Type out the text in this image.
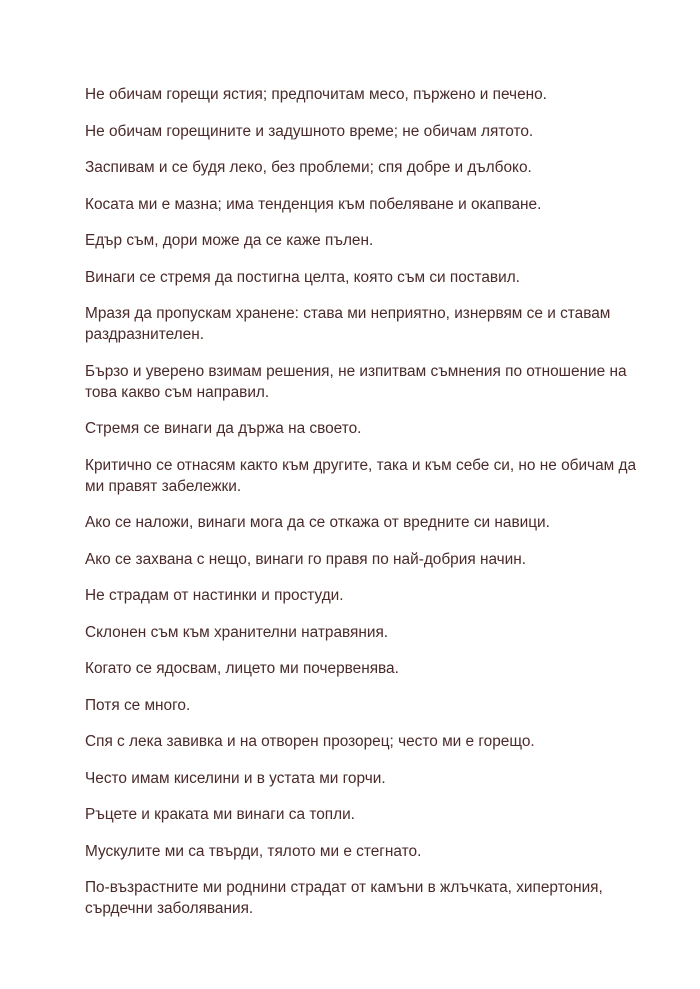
Не обичам горещи ястия; предпочитам месо, пържено и печено.
Не обичам горещините и задушното време; не обичам лятото.
Заспивам и се будя леко, без проблеми; спя добре и дълбоко.
Косата ми е мазна; има тенденция към побеляване и окапване.
Едър съм, дори може да се каже пълен.
Винаги се стремя да постигна целта, която съм си поставил.
Мразя да пропускам хранене: става ми неприятно, изнервям се и ставам раздразнителен.
Бързо и уверено взимам решения, не изпитвам съмнения по отношение на това какво съм направил.
Стремя се винаги да държа на своето.
Критично се отнасям както към другите, така и към себе си, но не обичам да ми правят забележки.
Ако се наложи, винаги мога да се откажа от вредните си навици.
Ако се захвана с нещо, винаги го правя по най-добрия начин.
Не страдам от настинки и простуди.
Склонен съм към хранителни натравяния.
Когато се ядосвам, лицето ми почервенява.
Потя се много.
Спя с лека завивка и на отворен прозорец; често ми е горещо.
Често имам киселини и в устата ми горчи.
Ръцете и краката ми винаги са топли.
Мускулите ми са твърди, тялото ми е стегнато.
По-възрастните ми роднини страдат от камъни в жлъчката, хипертония, сърдечни заболявания.
